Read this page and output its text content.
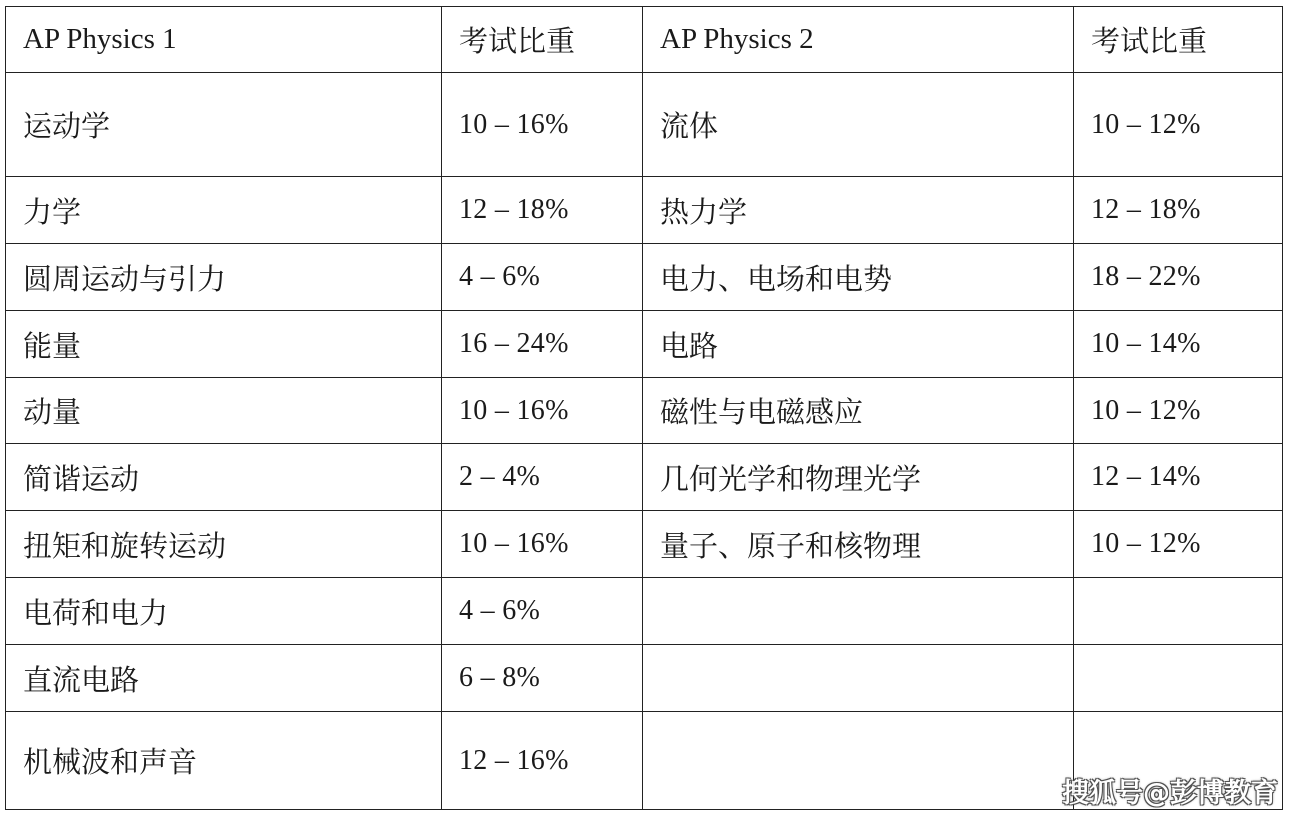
AP Physics 1	考试比重	AP Physics 2	考试比重
运动学	10 – 16%	流体	10 – 12%
力学	12 – 18%	热力学	12 – 18%
圆周运动与引力	4 – 6%	电力、电场和电势	18 – 22%
能量	16 – 24%	电路	10 – 14%
动量	10 – 16%	磁性与电磁感应	10 – 12%
简谐运动	2 – 4%	几何光学和物理光学	12 – 14%
扭矩和旋转运动	10 – 16%	量子、原子和核物理	10 – 12%
电荷和电力	4 – 6%		
直流电路	6 – 8%		
机械波和声音	12 – 16%		
搜狐号@彭博教育
